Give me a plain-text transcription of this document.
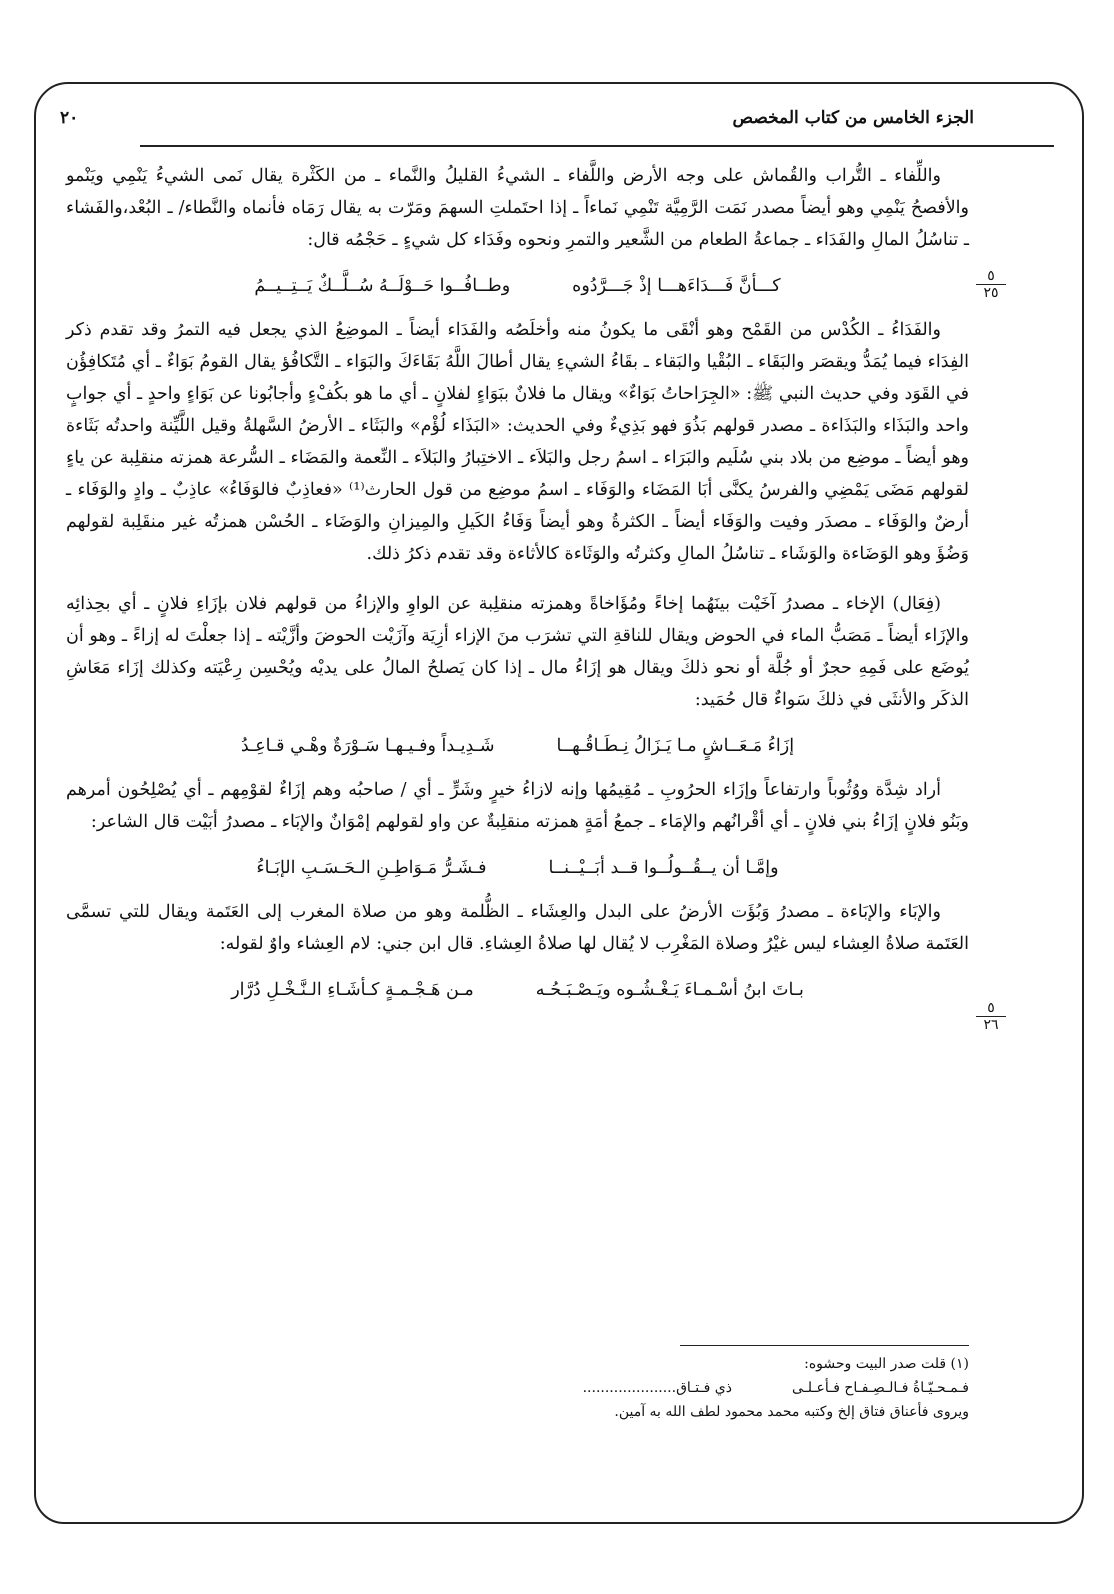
الجزء الخامس من كتاب المخصص
٢٠
٥
٢٥
٥
٢٦

واللِّفاء ـ التُّراب والقُماش على وجه الأرض واللَّفاء ـ الشيءُ القليلُ والنَّماء ـ من الكَثْرة يقال نَمى الشيءُ يَنْمِي ويَنْمو والأفصحُ يَنْمِي وهو أيضاً مصدر نَمَت الرَّمِيَّة تَنْمِي نَماءاً ـ إذا احتَملتِ السهمَ ومَرّت به يقال رَمَاه فأنماه والنَّطاء/ ـ البُعْد،والفَشاء ـ تناسُلُ المالِ والفَدَاء ـ جماعةُ الطعام من الشَّعير والتمرِ ونحوه وفَدَاء كل شيءٍ ـ حَجْمُه قال:

كـــأنَّ فَـــدَاءَهـــا إذْ جَـــرَّدُوه
وطــافُــوا حَــوْلَــهُ سُــلَّــكٌ يَــتِــيــمُ

والفَدَاءُ ـ الكُدْس من القَمْح وهو أنْقَى ما يكونُ منه وأخلَصُه والفَدَاء أيضاً ـ الموضِعُ الذي يجعل فيه التمرُ وقد تقدم ذكر الفِدَاء فيما يُمَدُّ ويقصَر والبَقَاء ـ البُقْيا والبَقاء ـ بقَاءُ الشيءِ يقال أطالَ اللَّهُ بَقَاءَكَ والبَوَاء ـ التَّكافُؤ يقال القومُ بَوَاءٌ ـ أي مُتَكافِؤُن في القَوَد وفي حديث النبي ﷺ: «الجِرَاحاتُ بَوَاءٌ» ويقال ما فلانٌ ببَوَاءٍ لفلانٍ ـ أي ما هو بكُفْءٍ وأجابُونا عن بَوَاءٍ واحدٍ ـ أي جوابٍ واحد والبَذَاء والبَذَاءة ـ مصدر قولهم بَذُوَ فهو بَذِيءٌ وفي الحديث: «البَذَاء لُؤْم» والبَثَاء ـ الأرضُ السَّهلةُ وقيل اللَّيِّنة واحدتُه بَثَاءة وهو أيضاً ـ موضِع من بلاد بني سُلَيم والبَرَاء ـ اسمُ رجل والبَلاَء ـ الاختِبارُ والبَلاَء ـ النِّعمة والمَضَاء ـ السُّرعة همزته منقلِبة عن ياءٍ لقولهم مَضَى يَمْضِي والفرسُ يكنَّى أبَا المَضَاء والوَفَاء ـ اسمُ موضِع من قول الحارث⁽¹⁾ «فعاذِبٌ فالوَفَاءُ» عاذِبٌ ـ وادٍ والوَفَاء ـ أرضٌ والوَفَاء ـ مصدَر وفيت والوَفَاء أيضاً ـ الكثرةُ وهو أيضاً وَفَاءُ الكَيلِ والمِيزانِ والوَضَاء ـ الحُسْن همزتُه غير منقَلِبة لقولهم وَضُؤَ وهو الوَضَاءة والوَشَاء ـ تناسُلُ المالِ وكثرتُه والوَثَاءة كالأثاءة وقد تقدم ذكرُ ذلك.

(فِعَال) الإخاء ـ مصدرُ آخَيْت بينَهُما إخاءً ومُؤَاخاةً وهمزته منقلِبة عن الواوِ والإزاءُ من قولهم فلان بإزَاءِ فلانٍ ـ أي بحِذائِه والإزَاء أيضاً ـ مَصَبُّ الماء في الحوض ويقال للناقةِ التي تشرَب منَ الإزاء أزِيَة وآزَيْت الحوضَ وأزَّيْته ـ إذا جعلْتَ له إزاءً ـ وهو أن يُوضَع على فَمِهِ حجرٌ أو جُلَّة أو نحو ذلكَ ويقال هو إزَاءُ مال ـ إذا كان يَصلحُ المالُ على يديْه ويُحْسِن رِعْيَته وكذلك إزَاء مَعَاشِ الذكَر والأنثَى في ذلكَ سَواءٌ قال حُمَيد:

إزَاءُ مَـعَــاشٍ مـا يَـزَالُ نِـطَـاقُـهــا
شَـدِيـداً وفـيـهـا سَـوْرَةٌ وهْـي قـاعِـدُ

أراد شِدَّة ووُثُوباً وارتفاعاً وإزَاء الحرُوبِ ـ مُقِيمُها وإنه لازاءُ خيرٍ وشَرٍّ ـ أي / صاحبُه وهم إزَاءٌ لقوْمِهم ـ أي يُصْلِحُون أمرهم وبَنُو فلانٍ إزَاءُ بني فلانٍ ـ أي أقْرانُهم والإمَاء ـ جمعُ أمَةٍ همزته منقلِبةٌ عن واو لقولهم إمْوَانٌ والإبَاء ـ مصدرُ أبَيْت قال الشاعر:

وإمَّـا أن يــقُــولُــوا قــد أبَــيْــنــا
فـشَـرُّ مَـوَاطِـنِ الـحَـسَـبِ الإبَـاءُ

والإبَاء والإبَاءة ـ مصدرُ وَبُؤَت الأرضُ على البدل والعِشَاء ـ الظُّلمة وهو من صلاة المغرب إلى العَتَمة ويقال للتي تسمَّى العَتَمة صلاةُ العِشاء ليس غيْرُ وصلاة المَغْرِب لا يُقال لها صلاةُ العِشاءِ. قال ابن جني: لام العِشاء واوٌ لقوله:

بـاتَ ابنُ أسْـمـاءَ يَـغْـشُـوه ويَـصْـبَـحُـه
مـن هَـجْـمـةٍ كـأشَـاءِ الـنَّـخْـلِ دُرَّار

(١) قلت صدر البيت وحشوه:

فـمـحـيّـاةُ فـالـصِـفـاح فـأعـلـى
ذي فـتـاق.....................

ويروى فأعناق فتاق إلخ وكتبه محمد محمود لطف الله به آمين.
